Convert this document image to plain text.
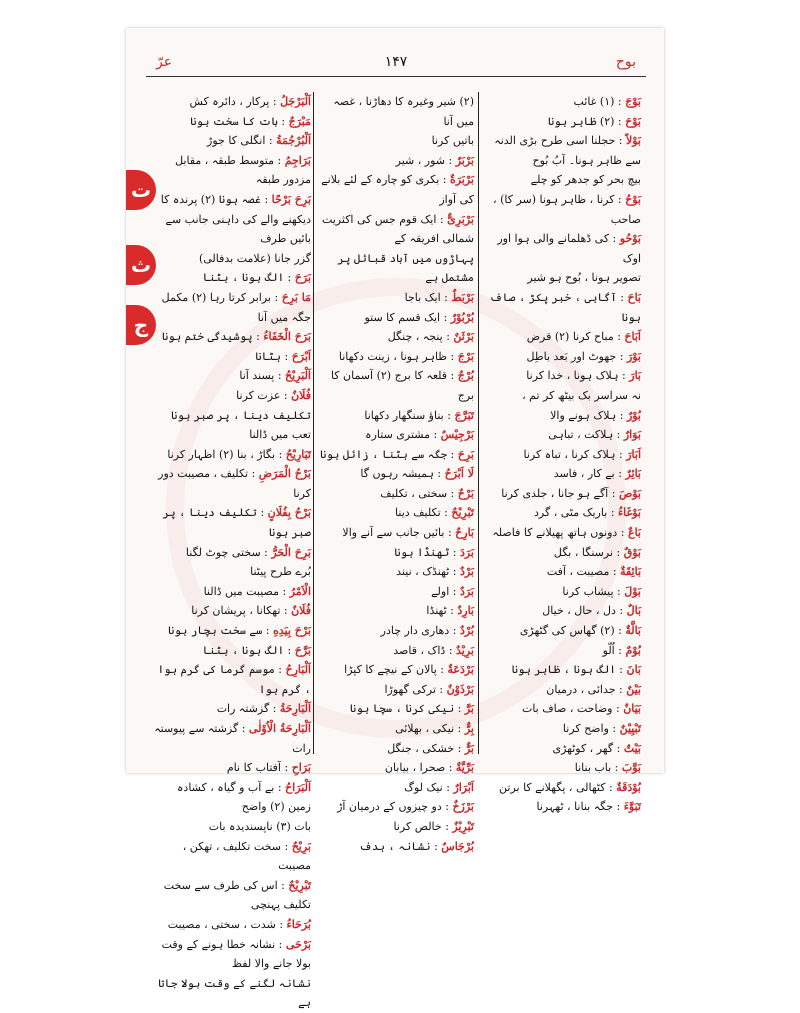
عرّ	۱۴۷	بوح
بَوْجَ : (۱) غائب
بَوْحَ : (۲) ظاہر ہونا
بَوْلاً : حجلنا اسی طرح بڑی الدنہ
سے ظاہر ہونا۔ آبُ بُوح
بیچ بحر کو جدھر کو چلے
بَوْحُ : کرنا ، ظاہر ہونا (سر کا) ، صاحب
بَوْحُو : کی ڈھلمانے والی ہوا اور اوک
تصویر ہونا ، بُوح ہو شیر
بَاحَ : آگاہی ، خبر پکڑ ، صاف ہونا
اَبَاحَ : مباح کرنا (۲) قرض
بَوْرَ : جھوٹ اور بَعد باطِل
بَارَ : ہلاک ہونا ، خدا کرنا
نہ سراسر بک بیٹھ کر تم ،
بُوْرٌ : ہلاک ہونے والا
بَوَارٌ : ہلاکت ، تباہی
اَبَارَ : ہلاک کرنا ، تباہ کرنا
بَائِرٌ : بے کار ، فاسد
بَوْصَ : آگے ہو جانا ، جلدی کرنا
بَوْغَاءُ : باریک مٹی ، گرد
بَاعٌ : دونوں ہاتھ پھیلانے کا فاصلہ
بَوْقٌ : نرسنگا ، بگل
بَائِقَةٌ : مصیبت ، آفت
بَوْلَ : پیشاب کرنا
بَالٌ : دل ، حال ، خیال
بَالَّةٌ : (۲) گھاس کی گٹھڑی
بُوْمٌ : اُلّو
بَانَ : الگ ہونا ، ظاہر ہونا
بَیْنٌ : جدائی ، درمیان
بَیَانٌ : وضاحت ، صاف بات
تَبْیِیْنٌ : واضح کرنا
بَیْتٌ : گھر ، کوٹھڑی
بَوَّبَ : باب بنانا
بُوْدَقَةٌ : کٹھالی ، پگھلانے کا برتن
تَبَوَّءَ : جگہ بنانا ، ٹھہرنا
(۲) شیر وغیرہ کا دھاڑنا ، غصہ میں آنا
باتیں کرنا
بَرْبَرٌ : شور ، شیر
بَرْبَرَةٌ : بکری کو چارہ کے لئے بلانے کی آواز
بَرْبَرِیٌّ : ایک قوم جس کی اکثریت شمالی افریقہ کے
پہاڑوں میں آباد قبائل پر مشتمل ہے
بَرْبَطٌ : ایک باجا
بُرْبُوْرٌ : ایک قسم کا ستو
بَرْثَنٌ : پنجہ ، چنگل
بَرْجَ : ظاہر ہونا ، زینت دکھانا
بُرْجٌ : قلعہ کا برج (۲) آسمان کا برج
تَبَرَّجَ : بناؤ سنگھار دکھانا
بَرْجِیْسٌ : مشتری ستارہ
بَرِحَ : جگہ سے ہٹنا ، زائل ہونا
لَا اَبْرَحُ : ہمیشہ رہوں گا
بَرْحٌ : سختی ، تکلیف
تَبْرِیْحٌ : تکلیف دینا
بَارِحٌ : بائیں جانب سے آنے والا
بَرَدَ : ٹھنڈا ہونا
بَرْدٌ : ٹھنڈک ، نیند
بَرَدٌ : اولے
بَارِدٌ : ٹھنڈا
بُرْدٌ : دھاری دار چادر
بَرِیْدٌ : ڈاک ، قاصد
بَرْدَعَةٌ : پالان کے نیچے کا کپڑا
بَرْذَوْنٌ : ترکی گھوڑا
بَرَّ : نیکی کرنا ، سچا ہونا
بِرٌّ : نیکی ، بھلائی
بَرٌّ : خشکی ، جنگل
بَرِّیَّةٌ : صحرا ، بیابان
اَبْرَارٌ : نیک لوگ
بَرْزَخٌ : دو چیزوں کے درمیان آڑ
تَبْرِیْزٌ : خالص کرنا
بُرْجَاسٌ : نشانہ ، ہدف
اَلْبَرْجَلُ : پرکار ، دائرہ کش
مَبْرَجٌ : بات کا سخت ہونا
اَلْبُرْجُمَةُ : انگلی کا جوڑ
بَرَاجِمُ : متوسط طبقہ ، مقابل مزدور طبقہ
بَرِحَ بَرْحًا : غصہ ہونا (۲) پرندہ کا
دیکھنے والے کی داہنی جانب سے بائیں طرف
گزر جانا (علامت بدفالی)
بَرَحَ : الگ ہونا ، ہٹنا
مَا بَرِحَ : برابر کرتا رہا (۲) مکمل
جگہ میں آنا
بَرَحَ الْخَفَاءُ : پوشیدگی ختم ہونا
اَبْرَحَ : ہٹانا
اَلْبَرِیْحُ : پسند آنا
فُلَانٌ : عزت کرنا
تکلیف دینا ، پر صبر ہونا
تعب میں ڈالنا
تَبَارِیْحُ : بگاڑ ، بنا (۲) اظہار کرنا
بَرْحُ الْمَرَضِ : تکلیف ، مصیبت دور کرنا
بَرْحُ بِفُلَانٍ : تکلیف دینا ، پر صبر ہونا
بَرِحَ الْحَرُّ : سختی چوٹ لگنا
بُرے طرح پیٹنا
الْاَمْرُ : مصیبت میں ڈالنا
فُلَانٌ : تھکانا ، پریشان کرنا
بَرْحَ بِیَدِهِ : سے سخت بچار ہونا
بَرَّحَ : الگ ہونا ، ہٹنا
اَلْبَارِحُ : موسم گرما کی گرم ہوا ، گرم ہوا
اَلْبَارِحَةُ : گزشتہ رات
اَلْبَارِحَةُ الْاُوْلٰی : گزشتہ سے پیوستہ رات
بَرَاحِ : آفتاب کا نام
اَلْبَرَاحُ : بے آب و گیاہ ، کشادہ زمین (۲) واضح
بات (۳) ناپسندیدہ بات
بَرِیْحٌ : سخت تکلیف ، تھکن ، مصیبت
تَبْرِیْحٌ : اس کی طرف سے سخت تکلیف پہنچی
بُرَحَاءُ : شدت ، سختی ، مصیبت
بَرْحَى : نشانہ خطا ہونے کے وقت بولا جانے والا لفظ
نشانہ لگنے کے وقت بولا جاتا ہے
ت
ث
ج
